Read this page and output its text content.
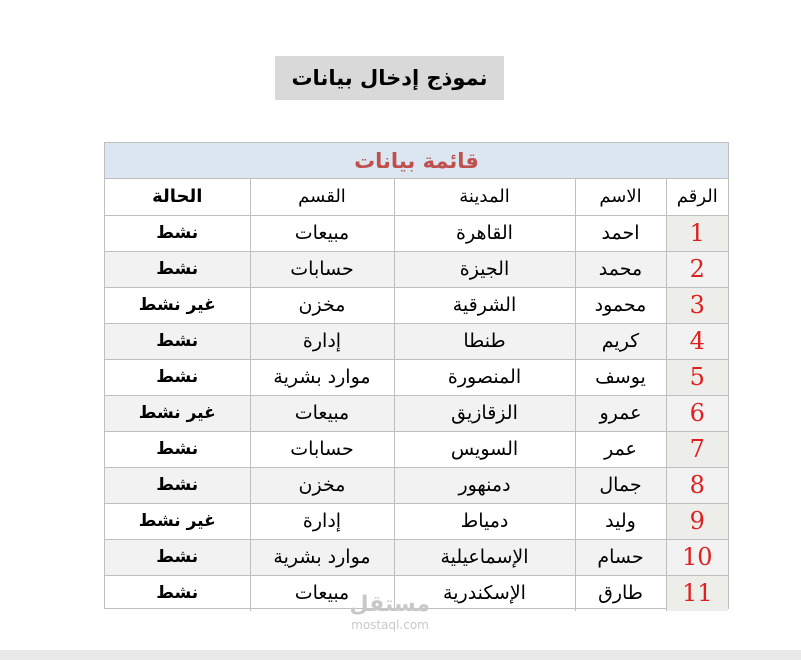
نموذج إدخال بيانات
قائمة بيانات
الرقم	الاسم	المدينة	القسم	الحالة
1	احمد	القاهرة	مبيعات	نشط
2	محمد	الجيزة	حسابات	نشط
3	محمود	الشرقية	مخزن	غير نشط
4	كريم	طنطا	إدارة	نشط
5	يوسف	المنصورة	موارد بشرية	نشط
6	عمرو	الزقازيق	مبيعات	غير نشط
7	عمر	السويس	حسابات	نشط
8	جمال	دمنهور	مخزن	نشط
9	وليد	دمياط	إدارة	غير نشط
10	حسام	الإسماعيلية	موارد بشرية	نشط
11	طارق	الإسكندرية	مبيعات	نشط	مستقل
mostaql.com
